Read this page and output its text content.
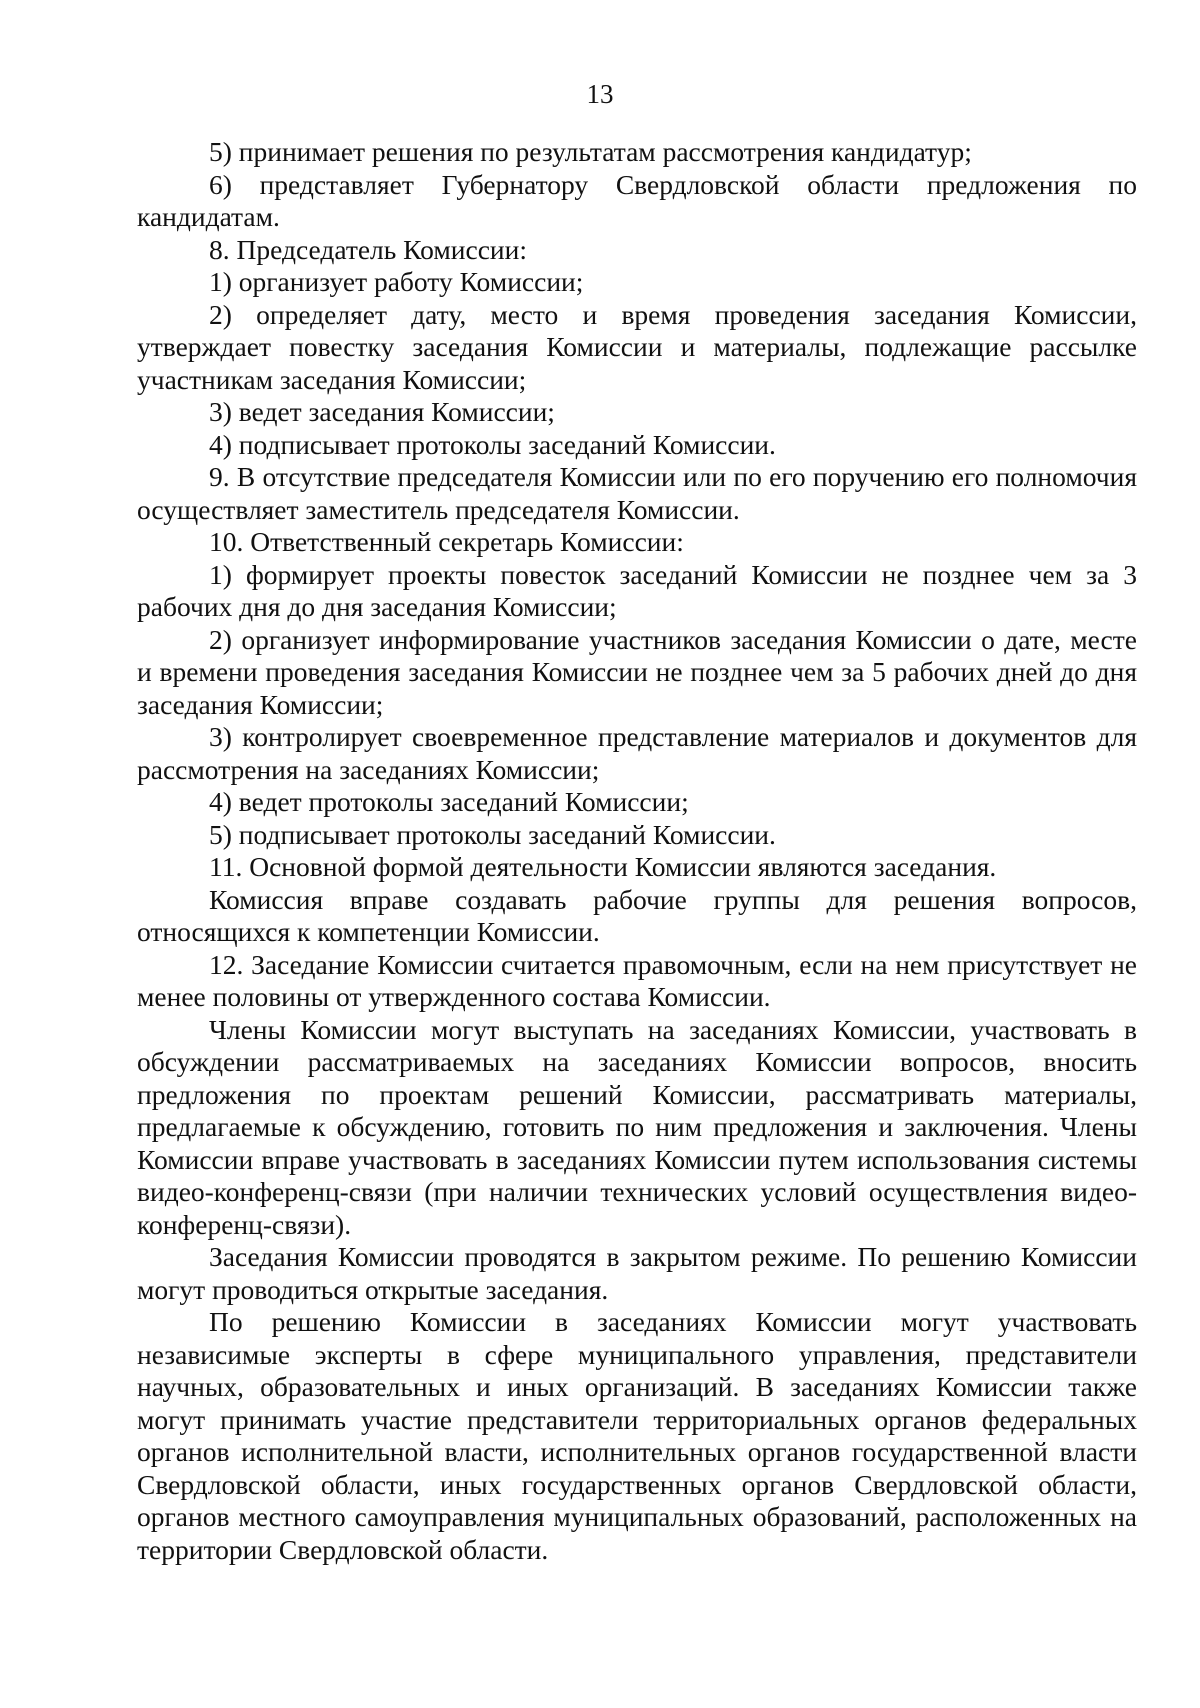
13

5) принимает решения по результатам рассмотрения кандидатур;

6) представляет Губернатору Свердловской области предложения по кандидатам.

8. Председатель Комиссии:

1) организует работу Комиссии;

2) определяет дату, место и время проведения заседания Комиссии, утверждает повестку заседания Комиссии и материалы, подлежащие рассылке участникам заседания Комиссии;

3) ведет заседания Комиссии;

4) подписывает протоколы заседаний Комиссии.

9. В отсутствие председателя Комиссии или по его поручению его полномочия осуществляет заместитель председателя Комиссии.

10. Ответственный секретарь Комиссии:

1) формирует проекты повесток заседаний Комиссии не позднее чем за 3 рабочих дня до дня заседания Комиссии;

2) организует информирование участников заседания Комиссии о дате, месте и времени проведения заседания Комиссии не позднее чем за 5 рабочих дней до дня заседания Комиссии;

3) контролирует своевременное представление материалов и документов для рассмотрения на заседаниях Комиссии;

4) ведет протоколы заседаний Комиссии;

5) подписывает протоколы заседаний Комиссии.

11. Основной формой деятельности Комиссии являются заседания.

Комиссия вправе создавать рабочие группы для решения вопросов, относящихся к компетенции Комиссии.

12. Заседание Комиссии считается правомочным, если на нем присутствует не менее половины от утвержденного состава Комиссии.

Члены Комиссии могут выступать на заседаниях Комиссии, участвовать в обсуждении рассматриваемых на заседаниях Комиссии вопросов, вносить предложения по проектам решений Комиссии, рассматривать материалы, предлагаемые к обсуждению, готовить по ним предложения и заключения. Члены Комиссии вправе участвовать в заседаниях Комиссии путем использования системы видео-конференц-связи (при наличии технических условий осуществления видео-конференц-связи).

Заседания Комиссии проводятся в закрытом режиме. По решению Комиссии могут проводиться открытые заседания.

По решению Комиссии в заседаниях Комиссии могут участвовать независимые эксперты в сфере муниципального управления, представители научных, образовательных и иных организаций. В заседаниях Комиссии также могут принимать участие представители территориальных органов федеральных органов исполнительной власти, исполнительных органов государственной власти Свердловской области, иных государственных органов Свердловской области, органов местного самоуправления муниципальных образований, расположенных на территории Свердловской области.
